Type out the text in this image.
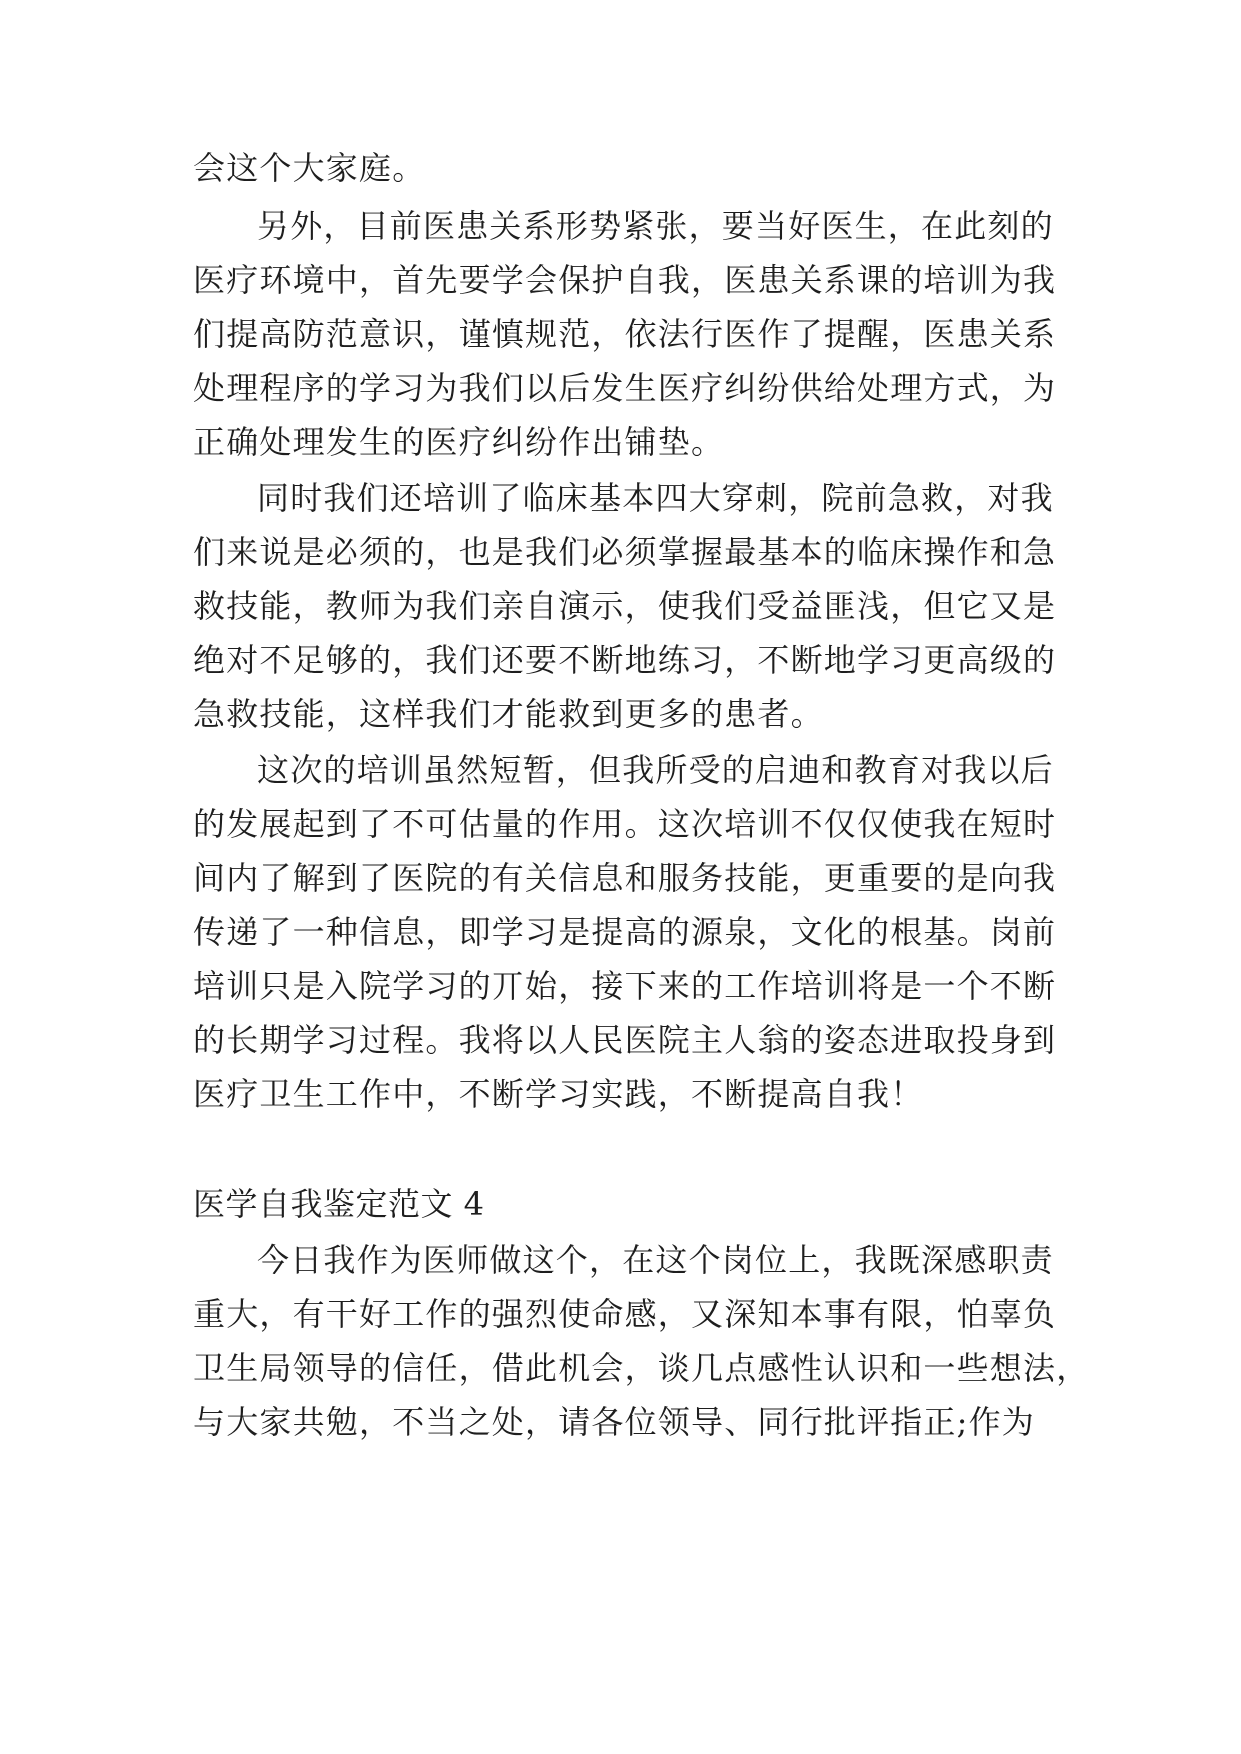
会这个大家庭。
另外，目前医患关系形势紧张，要当好医生，在此刻的
医疗环境中，首先要学会保护自我，医患关系课的培训为我
们提高防范意识，谨慎规范，依法行医作了提醒，医患关系
处理程序的学习为我们以后发生医疗纠纷供给处理方式，为
正确处理发生的医疗纠纷作出铺垫。
同时我们还培训了临床基本四大穿刺，院前急救，对我
们来说是必须的，也是我们必须掌握最基本的临床操作和急
救技能，教师为我们亲自演示，使我们受益匪浅，但它又是
绝对不足够的，我们还要不断地练习，不断地学习更高级的
急救技能，这样我们才能救到更多的患者。
这次的培训虽然短暂，但我所受的启迪和教育对我以后
的发展起到了不可估量的作用。这次培训不仅仅使我在短时
间内了解到了医院的有关信息和服务技能，更重要的是向我
传递了一种信息，即学习是提高的源泉，文化的根基。岗前
培训只是入院学习的丌始，接下来的工作培训将是一个不断
的长期学习过程。我将以人民医院主人翁的姿态进取投身到
医疗卫生工作中，不断学习实践，不断提高自我！
医学自我鉴定范文 4
今日我作为医师做这个，在这个岗位上，我既深感职责
重大，有干好工作的强烈使命感，又深知本事有限，怕辜负
卫生局领导的信任，借此机会，谈几点感性认识和一些想法，
与大家共勉，不当之处，请各位领导、同行批评指正;作为
